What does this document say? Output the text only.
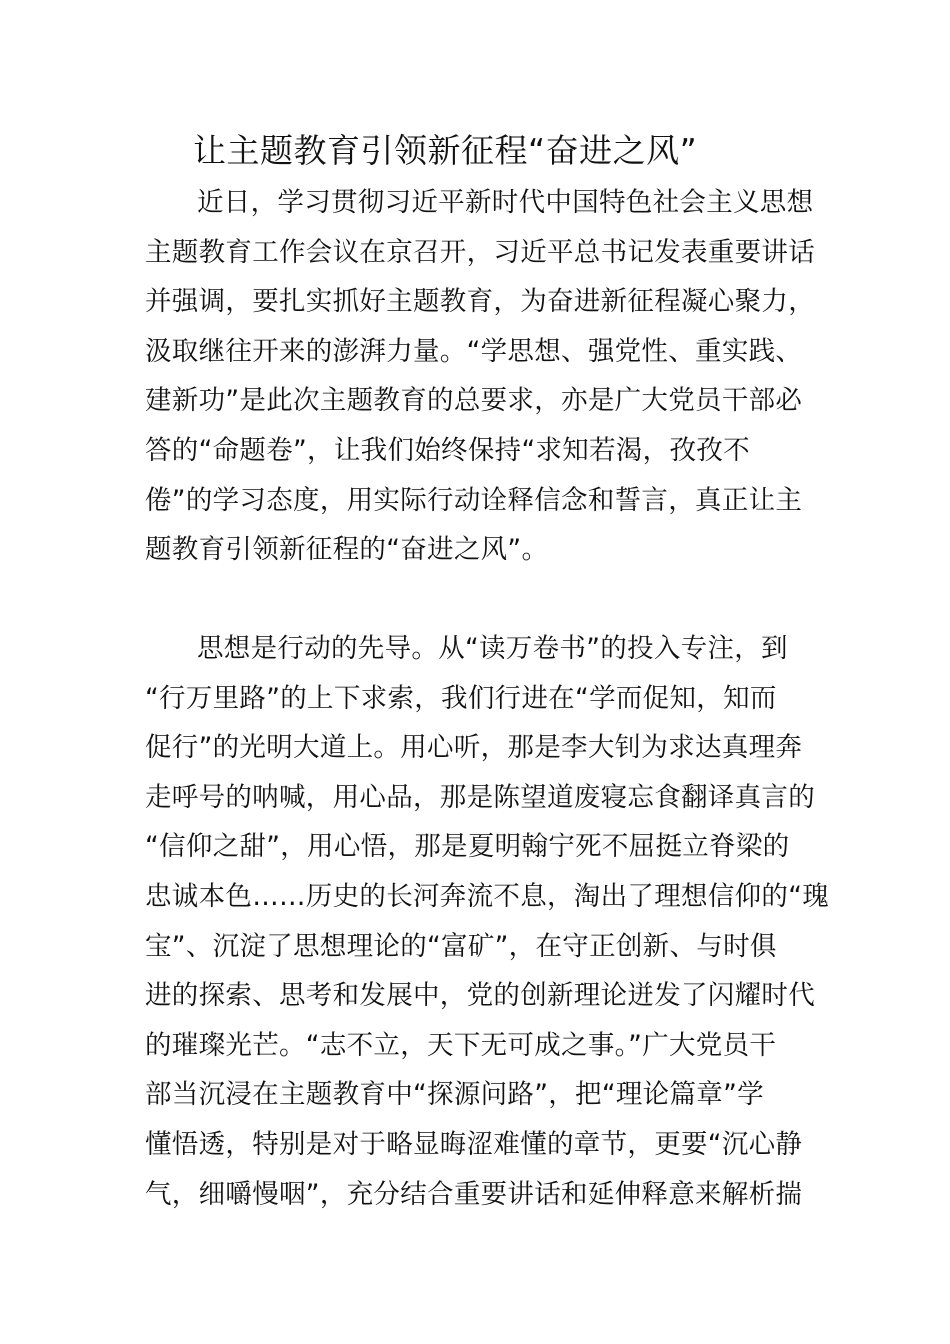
让主题教育引领新征程“奋进之风”
近日，学习贯彻习近平新时代中国特色社会主义思想
主题教育工作会议在京召开，习近平总书记发表重要讲话
并强调，要扎实抓好主题教育，为奋进新征程凝心聚力，
汲取继往开来的澎湃力量。“学思想、强党性、重实践、
建新功”是此次主题教育的总要求，亦是广大党员干部必
答的“命题卷”，让我们始终保持“求知若渴，孜孜不
倦”的学习态度，用实际行动诠释信念和誓言，真正让主
题教育引领新征程的“奋进之风”。
思想是行动的先导。从“读万卷书”的投入专注，到
“行万里路”的上下求索，我们行进在“学而促知，知而
促行”的光明大道上。用心听，那是李大钊为求达真理奔
走呼号的呐喊，用心品，那是陈望道废寝忘食翻译真言的
“信仰之甜”，用心悟，那是夏明翰宁死不屈挺立脊梁的
忠诚本色……历史的长河奔流不息，淘出了理想信仰的“瑰
宝”、沉淀了思想理论的“富矿”，在守正创新、与时俱
进的探索、思考和发展中，党的创新理论迸发了闪耀时代
的璀璨光芒。“志不立，天下无可成之事。”广大党员干
部当沉浸在主题教育中“探源问路”，把“理论篇章”学
懂悟透，特别是对于略显晦涩难懂的章节，更要“沉心静
气，细嚼慢咽”，充分结合重要讲话和延伸释意来解析揣
